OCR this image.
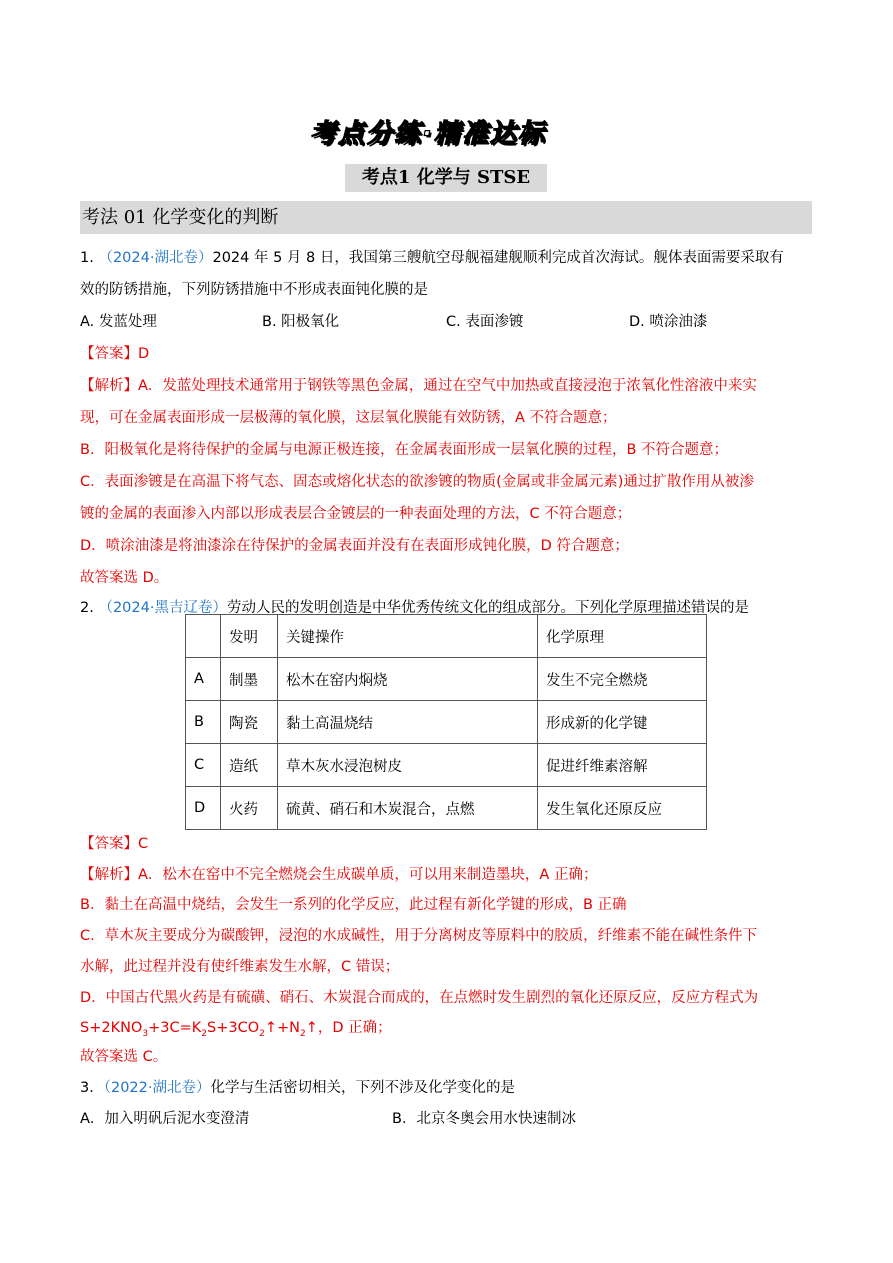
考点分练·精准达标
考点1 化学与 STSE
考法 01 化学变化的判断
1. （2024·湖北卷）2024 年 5 月 8 日，我国第三艘航空母舰福建舰顺利完成首次海试。舰体表面需要采取有
效的防锈措施，下列防锈措施中不形成表面钝化膜的是
A. 发蓝处理	B. 阳极氧化	C. 表面渗镀	D. 喷涂油漆
【答案】D
【解析】A．发蓝处理技术通常用于钢铁等黑色金属，通过在空气中加热或直接浸泡于浓氧化性溶液中来实
现，可在金属表面形成一层极薄的氧化膜，这层氧化膜能有效防锈，A 不符合题意；
B．阳极氧化是将待保护的金属与电源正极连接，在金属表面形成一层氧化膜的过程，B 不符合题意；
C．表面渗镀是在高温下将气态、固态或熔化状态的欲渗镀的物质(金属或非金属元素)通过扩散作用从被渗
镀的金属的表面渗入内部以形成表层合金镀层的一种表面处理的方法，C 不符合题意；
D．喷涂油漆是将油漆涂在待保护的金属表面并没有在表面形成钝化膜，D 符合题意；
故答案选 D。
2. （2024·黑吉辽卷）劳动人民的发明创造是中华优秀传统文化的组成部分。下列化学原理描述错误的是
	发明	关键操作	化学原理
A	制墨	松木在窑内焖烧	发生不完全燃烧
B	陶瓷	黏土高温烧结	形成新的化学键
C	造纸	草木灰水浸泡树皮	促进纤维素溶解
D	火药	硫黄、硝石和木炭混合，点燃	发生氧化还原反应
【答案】C
【解析】A．松木在窑中不完全燃烧会生成碳单质，可以用来制造墨块，A 正确；
B．黏土在高温中烧结，会发生一系列的化学反应，此过程有新化学键的形成，B 正确
C．草木灰主要成分为碳酸钾，浸泡的水成碱性，用于分离树皮等原料中的胶质，纤维素不能在碱性条件下
水解，此过程并没有使纤维素发生水解，C 错误；
D．中国古代黑火药是有硫磺、硝石、木炭混合而成的，在点燃时发生剧烈的氧化还原反应，反应方程式为
$S+2KNO_3+3C=K_2S+3CO_2↑+N_2↑$，D 正确；
故答案选 C。
3．（2022·湖北卷）化学与生活密切相关，下列不涉及化学变化的是
A．加入明矾后泥水变澄清	B．北京冬奥会用水快速制冰
